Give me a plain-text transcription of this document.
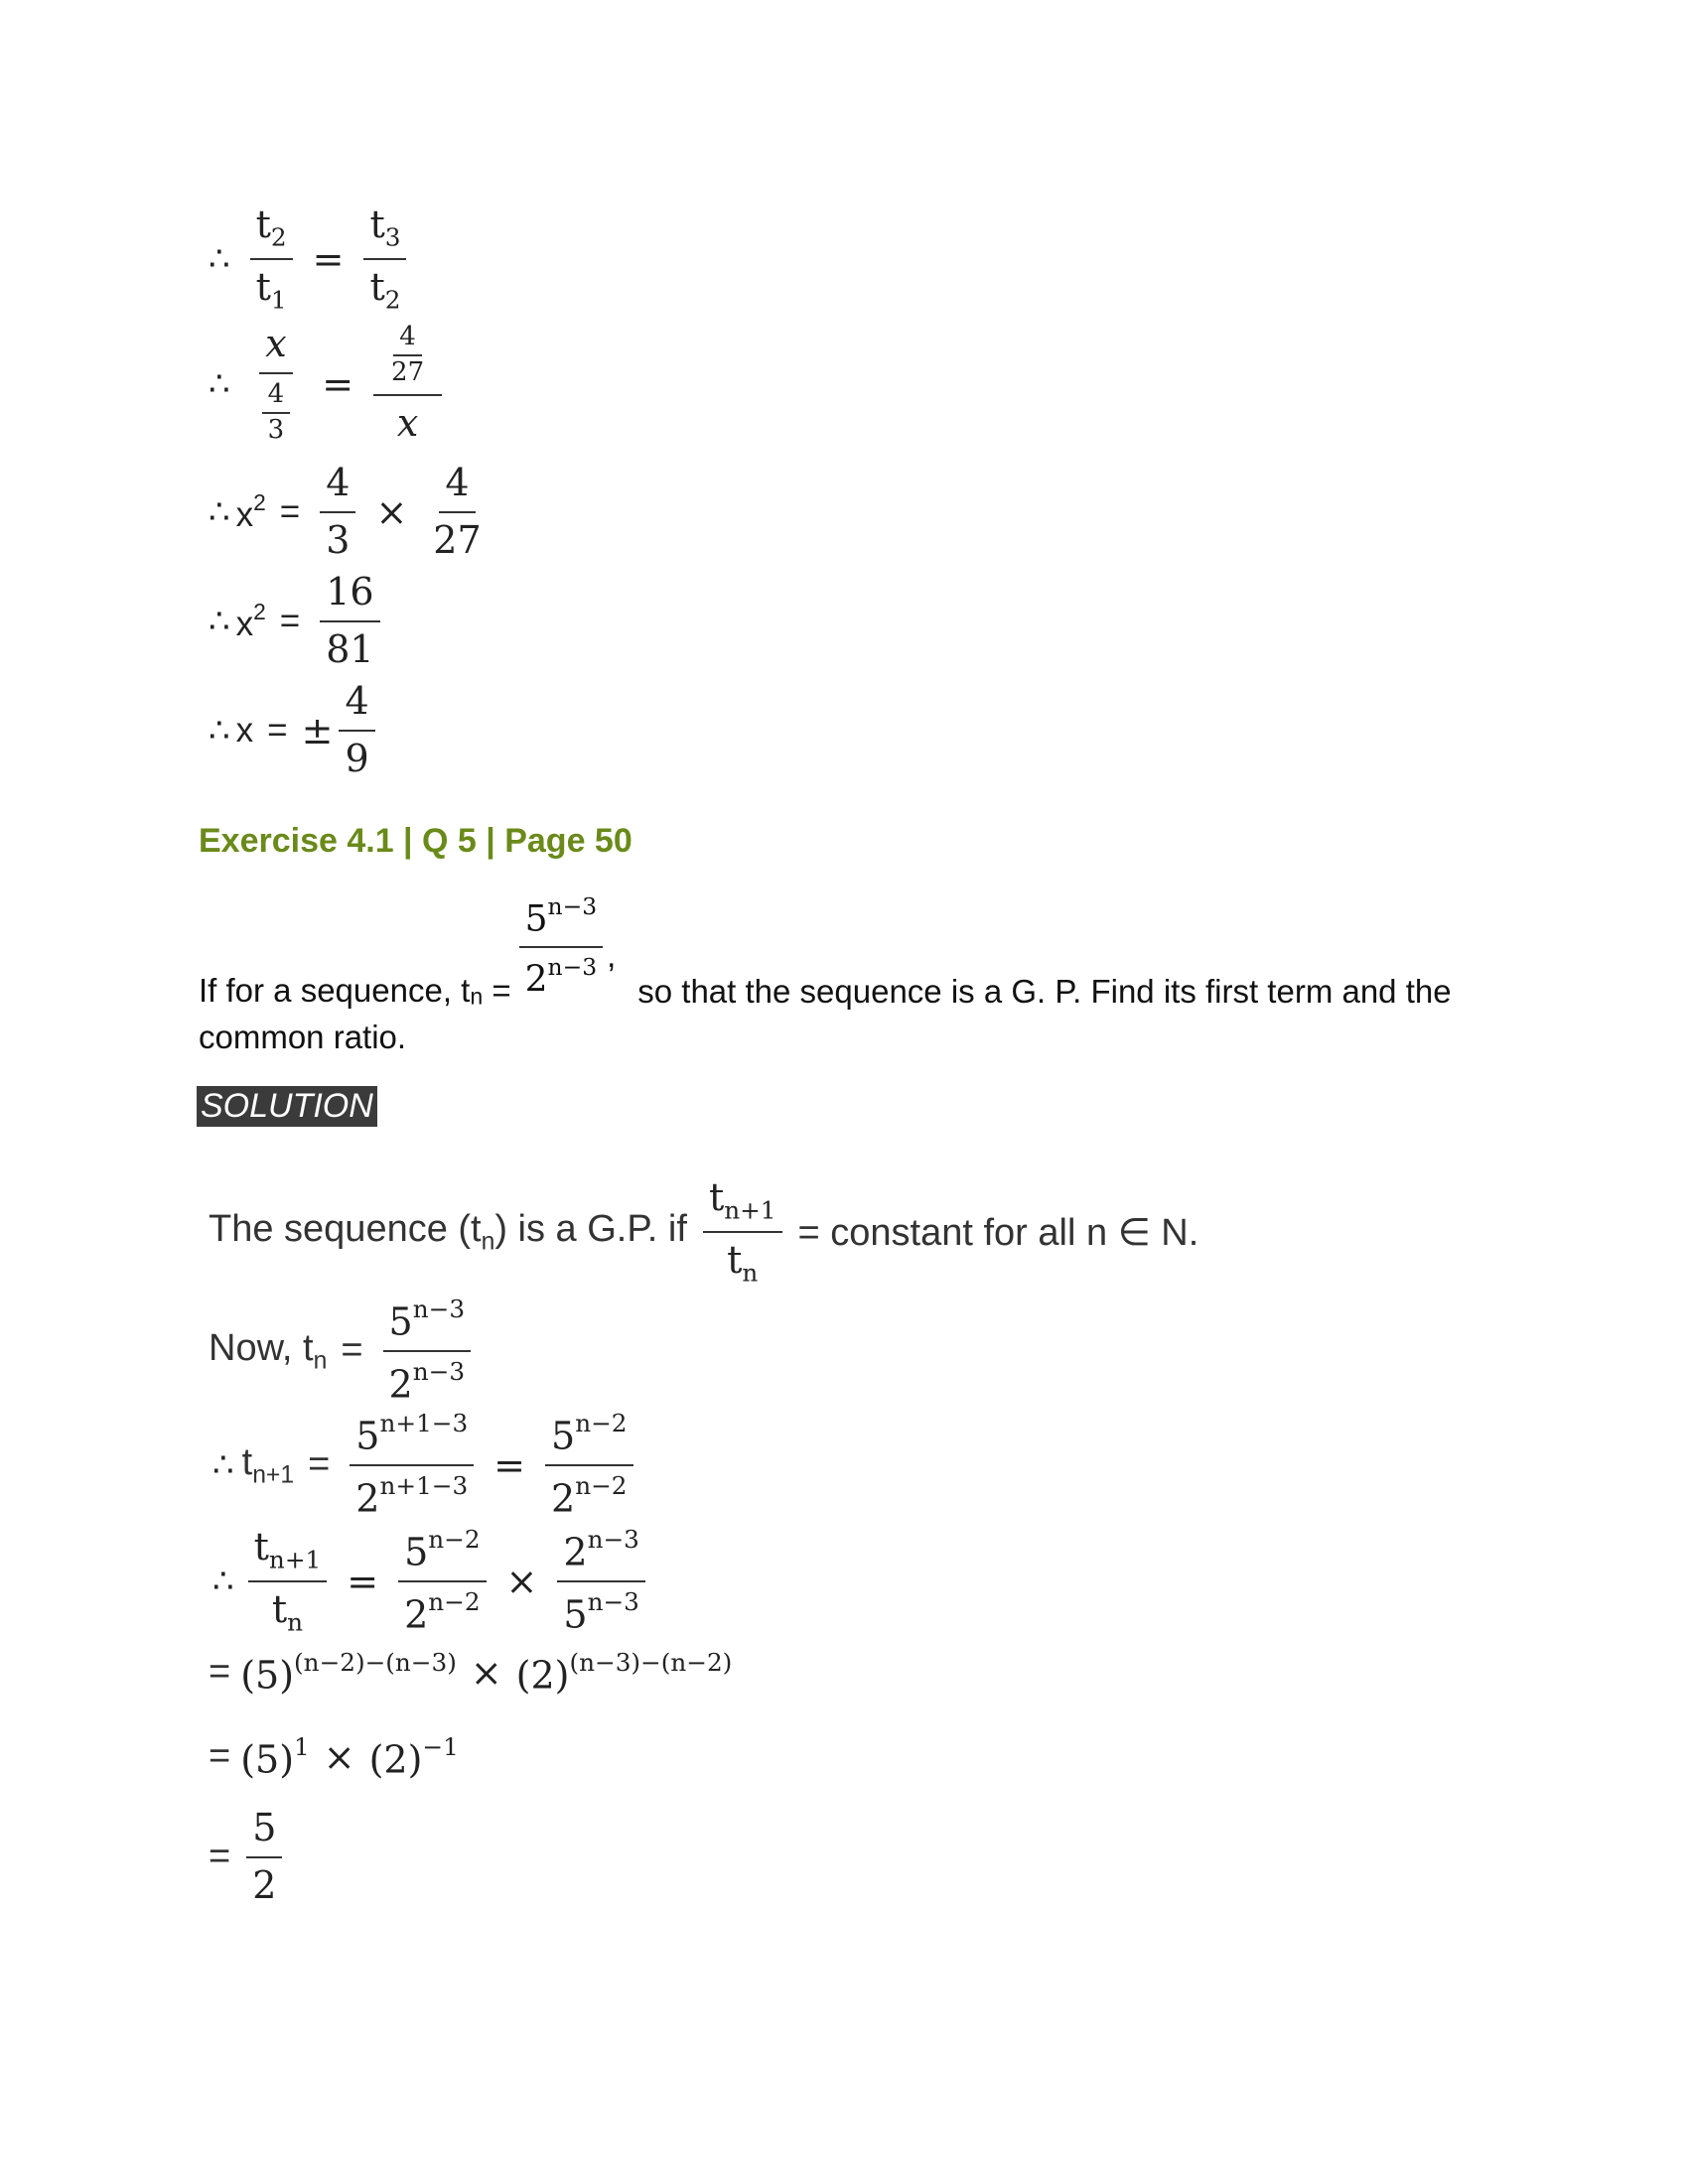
∴ $\frac{t_2}{t_1} = \frac{t_3}{t_2}$
∴ $\frac{x}{\frac{4}{3}} = \frac{\frac{4}{27}}{x}$
∴ $x^2 = \frac{4}{3} \times \frac{4}{27}$
∴ $x^2 = \frac{16}{81}$
∴ x = ± $\frac{4}{9}$
Exercise 4.1 | Q 5 | Page 50
If for a sequence, $t_n = \frac{5^{n-3}}{2^{n-3}}$ ,
so that the sequence is a G. P. Find its first term and the
common ratio.
SOLUTION
The sequence $(t_n)$ is a G.P. if $\frac{t_{n+1}}{t_n}$ = constant for all n ∈ N.
Now, $t_n = \frac{5^{n-3}}{2^{n-3}}$
∴ $t_{n+1} = \frac{5^{n+1-3}}{2^{n+1-3}} = \frac{5^{n-2}}{2^{n-2}}$
∴ $\frac{t_{n+1}}{t_n} = \frac{5^{n-2}}{2^{n-2}} \times \frac{2^{n-3}}{5^{n-3}}$
= $(5)^{(n-2)-(n-3)} \times (2)^{(n-3)-(n-2)}$
= $(5)^1 \times (2)^{-1}$
= $\frac{5}{2}$
